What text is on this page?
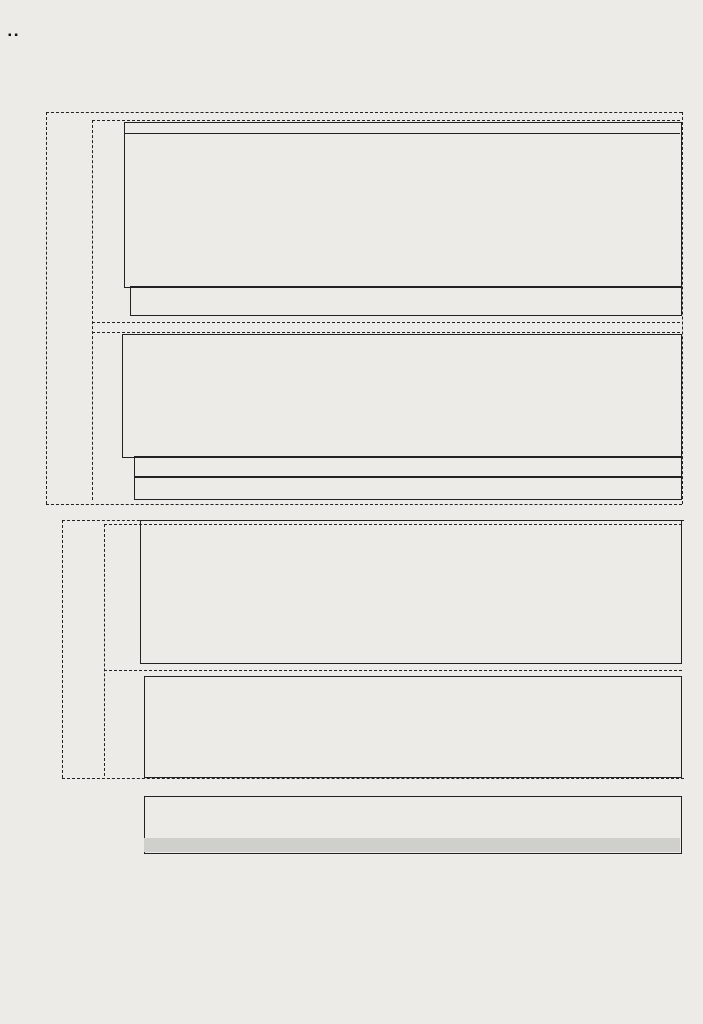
▪ ▪
